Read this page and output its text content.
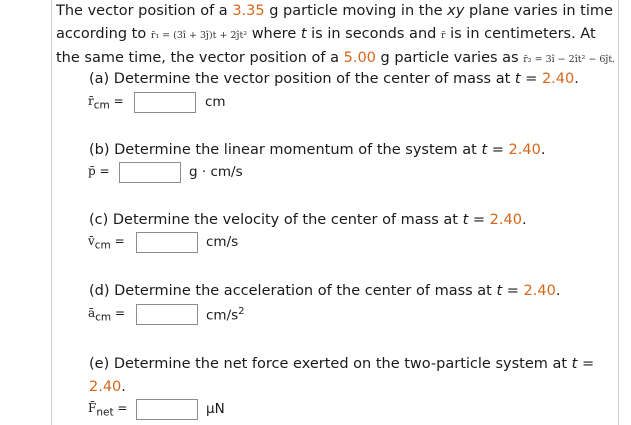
The vector position of a 3.35 g particle moving in the xy plane varies in time
according to r̄₁ = (3î + 3ĵ)t + 2ĵt² where t is in seconds and r̄ is in centimeters. At
the same time, the vector position of a 5.00 g particle varies as r̄₂ = 3î − 2ît² − 6ĵt.
(a) Determine the vector position of the center of mass at t = 2.40.
$r̄_{cm}$ =	cm
(b) Determine the linear momentum of the system at t = 2.40.
p̄ =	g · cm/s
(c) Determine the velocity of the center of mass at t = 2.40.
$v̄_{cm}$ =	cm/s
(d) Determine the acceleration of the center of mass at t = 2.40.
$ā_{cm}$ =	$cm/s^2$
(e) Determine the net force exerted on the two-particle system at t =
2.40.
$F̄_{net}$ =	µN
